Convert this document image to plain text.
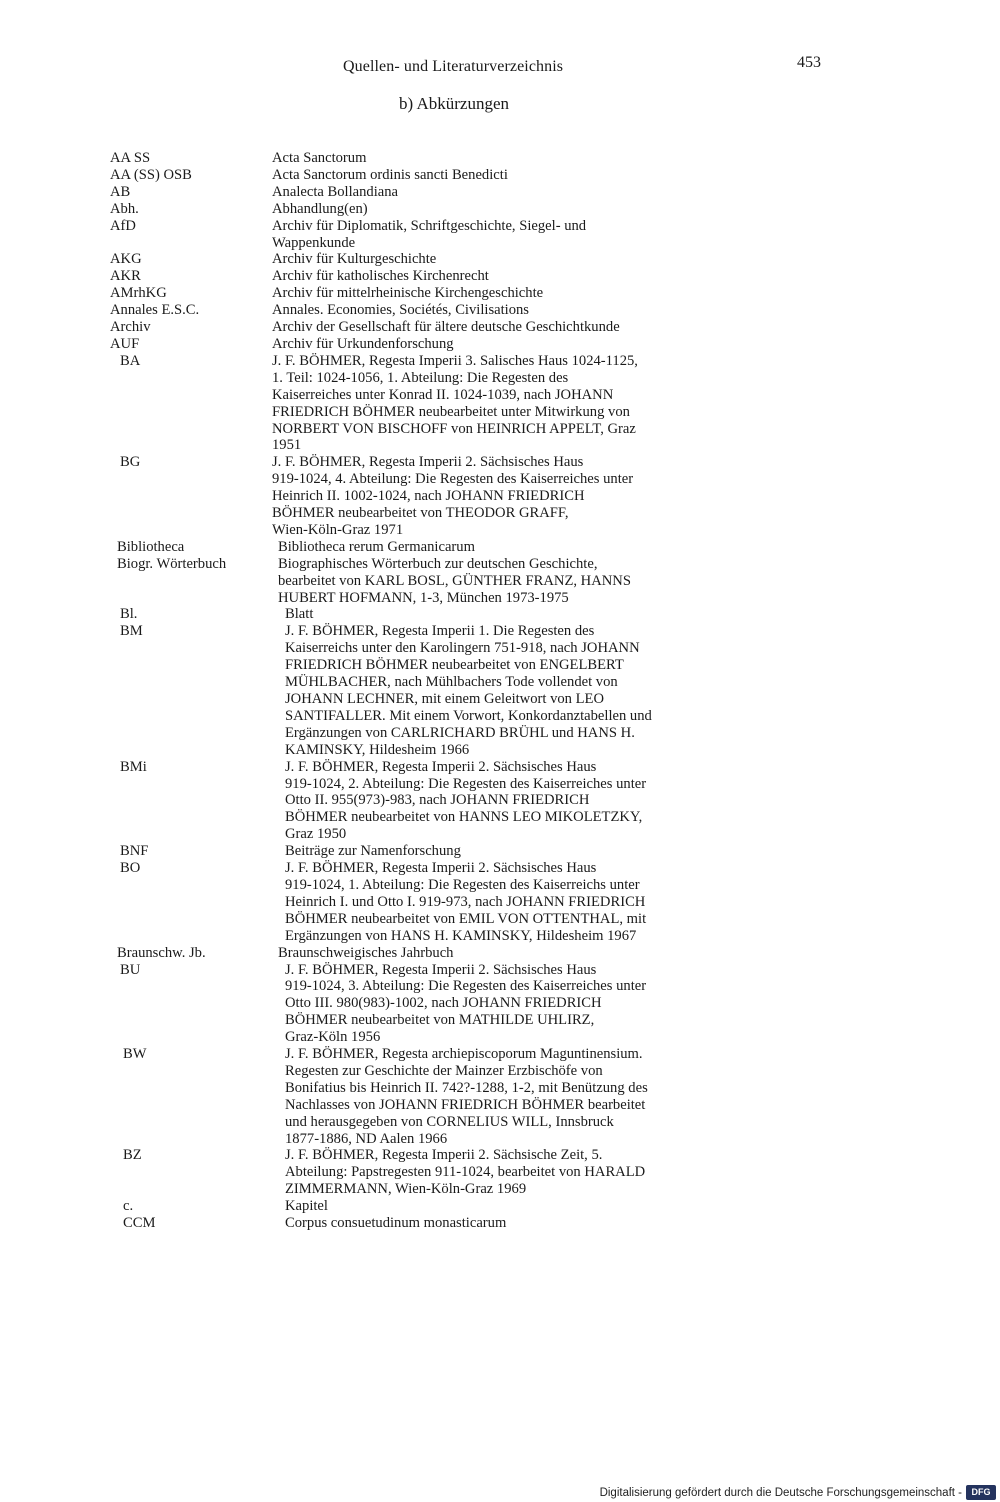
Quellen- und Literaturverzeichnis	453
b) Abkürzungen
AA SS	Acta Sanctorum
AA (SS) OSB	Acta Sanctorum ordinis sancti Benedicti
AB	Analecta Bollandiana
Abh.	Abhandlung(en)
AfD	Archiv für Diplomatik, Schriftgeschichte, Siegel- und
Wappenkunde
AKG	Archiv für Kulturgeschichte
AKR	Archiv für katholisches Kirchenrecht
AMrhKG	Archiv für mittelrheinische Kirchengeschichte
Annales E.S.C.	Annales. Economies, Sociétés, Civilisations
Archiv	Archiv der Gesellschaft für ältere deutsche Geschichtkunde
AUF	Archiv für Urkundenforschung
BA	J. F. BÖHMER, Regesta Imperii 3. Salisches Haus 1024-1125,
1. Teil: 1024-1056, 1. Abteilung: Die Regesten des
Kaiserreiches unter Konrad II. 1024-1039, nach JOHANN
FRIEDRICH BÖHMER neubearbeitet unter Mitwirkung von
NORBERT VON BISCHOFF von HEINRICH APPELT, Graz
1951
BG	J. F. BÖHMER, Regesta Imperii 2. Sächsisches Haus
919-1024, 4. Abteilung: Die Regesten des Kaiserreiches unter
Heinrich II. 1002-1024, nach JOHANN FRIEDRICH
BÖHMER neubearbeitet von THEODOR GRAFF,
Wien-Köln-Graz 1971
Bibliotheca	Bibliotheca rerum Germanicarum
Biogr. Wörterbuch	Biographisches Wörterbuch zur deutschen Geschichte,
bearbeitet von KARL BOSL, GÜNTHER FRANZ, HANNS
HUBERT HOFMANN, 1-3, München 1973-1975
Bl.	Blatt
BM	J. F. BÖHMER, Regesta Imperii 1. Die Regesten des
Kaiserreichs unter den Karolingern 751-918, nach JOHANN
FRIEDRICH BÖHMER neubearbeitet von ENGELBERT
MÜHLBACHER, nach Mühlbachers Tode vollendet von
JOHANN LECHNER, mit einem Geleitwort von LEO
SANTIFALLER. Mit einem Vorwort, Konkordanztabellen und
Ergänzungen von CARLRICHARD BRÜHL und HANS H.
KAMINSKY, Hildesheim 1966
BMi	J. F. BÖHMER, Regesta Imperii 2. Sächsisches Haus
919-1024, 2. Abteilung: Die Regesten des Kaiserreiches unter
Otto II. 955(973)-983, nach JOHANN FRIEDRICH
BÖHMER neubearbeitet von HANNS LEO MIKOLETZKY,
Graz 1950
BNF	Beiträge zur Namenforschung
BO	J. F. BÖHMER, Regesta Imperii 2. Sächsisches Haus
919-1024, 1. Abteilung: Die Regesten des Kaiserreichs unter
Heinrich I. und Otto I. 919-973, nach JOHANN FRIEDRICH
BÖHMER neubearbeitet von EMIL VON OTTENTHAL, mit
Ergänzungen von HANS H. KAMINSKY, Hildesheim 1967
Braunschw. Jb.	Braunschweigisches Jahrbuch
BU	J. F. BÖHMER, Regesta Imperii 2. Sächsisches Haus
919-1024, 3. Abteilung: Die Regesten des Kaiserreiches unter
Otto III. 980(983)-1002, nach JOHANN FRIEDRICH
BÖHMER neubearbeitet von MATHILDE UHLIRZ,
Graz-Köln 1956
BW	J. F. BÖHMER, Regesta archiepiscoporum Maguntinensium.
Regesten zur Geschichte der Mainzer Erzbischöfe von
Bonifatius bis Heinrich II. 742?-1288, 1-2, mit Benützung des
Nachlasses von JOHANN FRIEDRICH BÖHMER bearbeitet
und herausgegeben von CORNELIUS WILL, Innsbruck
1877-1886, ND Aalen 1966
BZ	J. F. BÖHMER, Regesta Imperii 2. Sächsische Zeit, 5.
Abteilung: Papstregesten 911-1024, bearbeitet von HARALD
ZIMMERMANN, Wien-Köln-Graz 1969
c.	Kapitel
CCM	Corpus consuetudinum monasticarum
Digitalisierung gefördert durch die Deutsche Forschungsgemeinschaft -	DFG
